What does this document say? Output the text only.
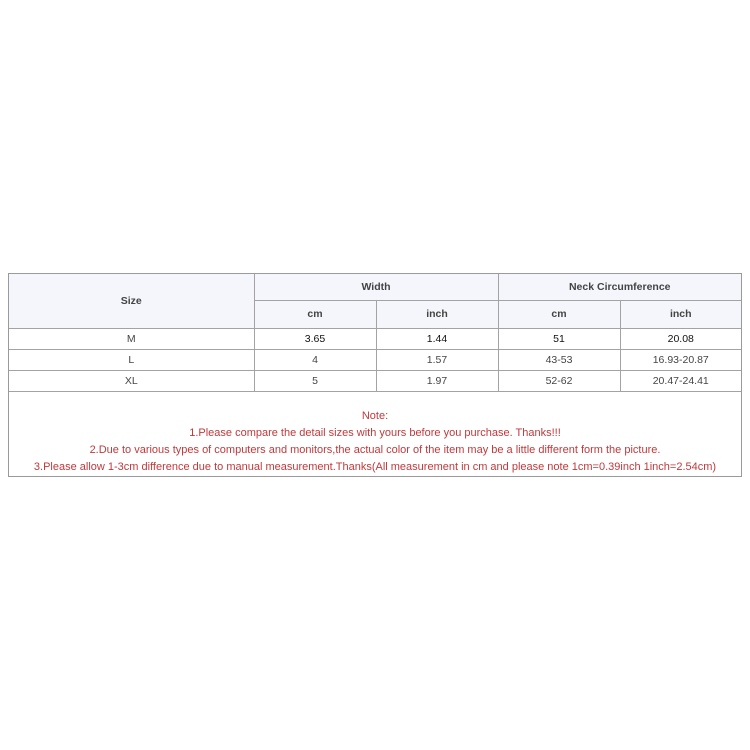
Size	Width		Neck Circumference	
	cm	inch	cm	inch
M	3.65	1.44	51	20.08
L	4	1.57	43-53	16.93-20.87
XL	5	1.97	52-62	20.47-24.41
Note:
1.Please compare the detail sizes with yours before you purchase. Thanks!!!
2.Due to various types of computers and monitors,the actual color of the item may be a little different form the picture.
3.Please allow 1-3cm difference due to manual measurement.Thanks(All measurement in cm and please note 1cm=0.39inch 1inch=2.54cm)
